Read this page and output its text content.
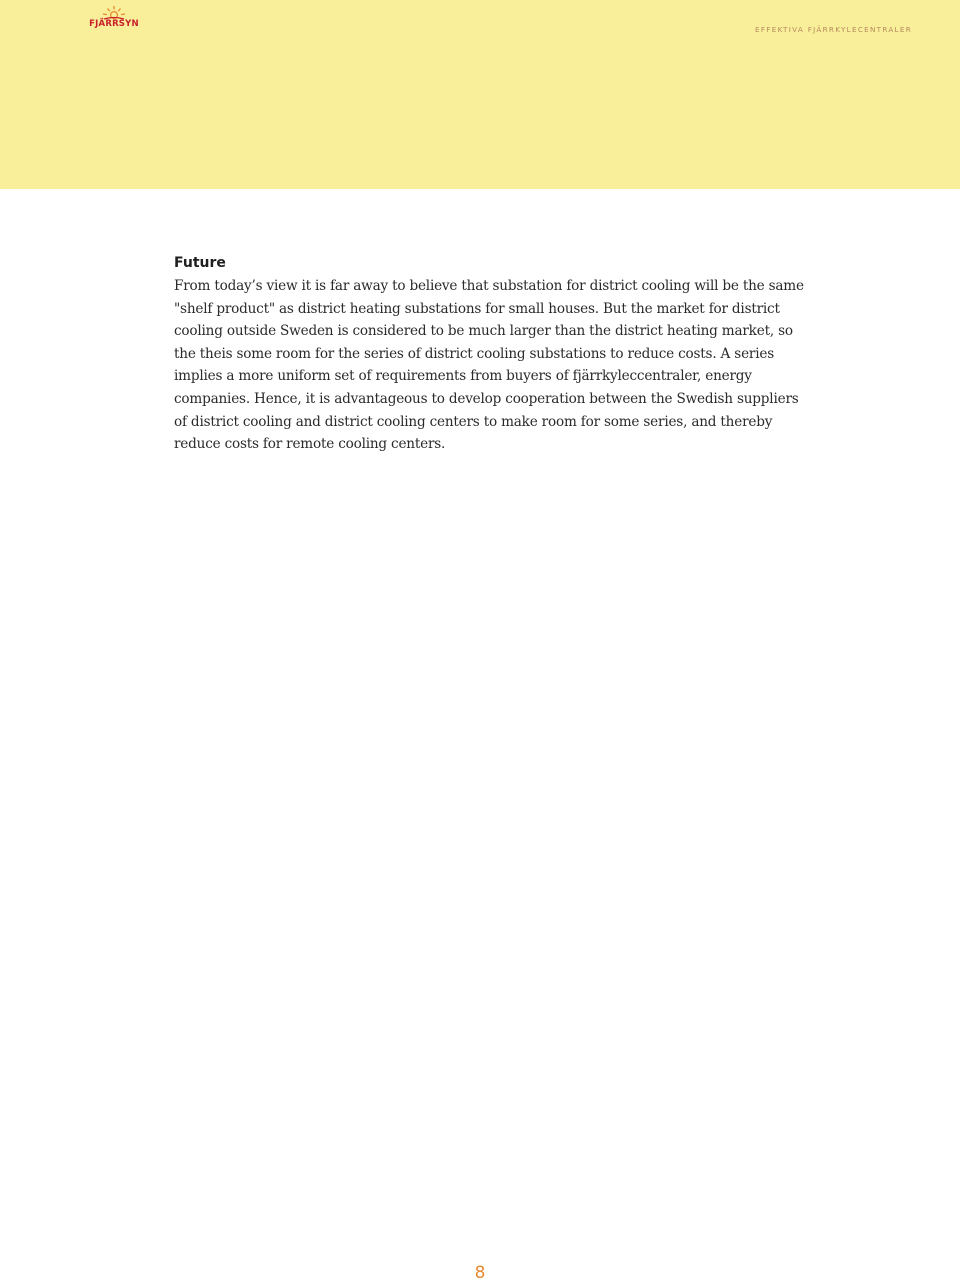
FJÄRRSYN
EFFEKTIVA FJÄRRKYLECENTRALER
Future

From today’s view it is far away to believe that substation for district cooling will be the same "shelf product" as district heating substations for small houses. But the market for district cooling outside Sweden is considered to be much larger than the district heating market, so the theis some room for the series of district cooling substations to reduce costs. A series implies a more uniform set of requirements from buyers of fjärrkyleccentraler, energy companies. Hence, it is advantageous to develop cooperation between the Swedish suppliers of district cooling and district cooling centers to make room for some series, and thereby reduce costs for remote cooling centers.

8
